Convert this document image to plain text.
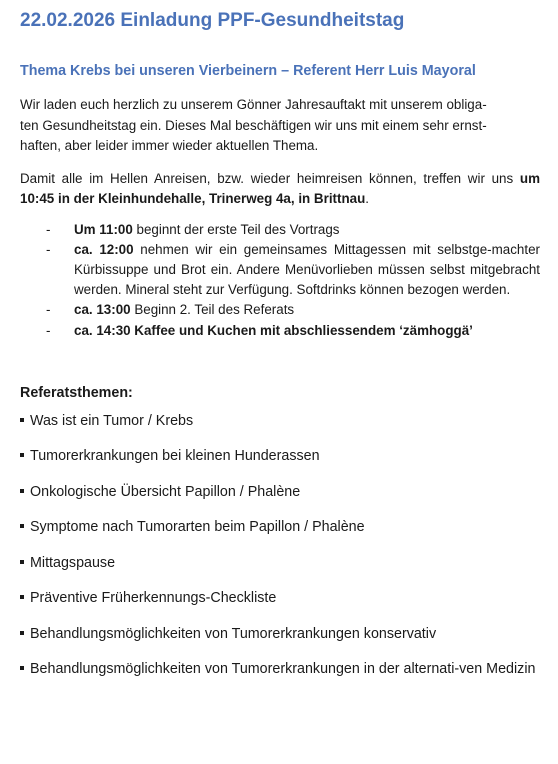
22.02.2026 Einladung PPF-Gesundheitstag
Thema Krebs bei unseren Vierbeinern – Referent Herr Luis Mayoral

Wir laden euch herzlich zu unserem Gönner Jahresauftakt mit unserem obliga-
ten Gesundheitstag ein. Dieses Mal beschäftigen wir uns mit einem sehr ernst-
haften, aber leider immer wieder aktuellen Thema.

Damit alle im Hellen Anreisen, bzw. wieder heimreisen können, treffen wir uns um 10:45 in der Kleinhundehalle, Trinerweg 4a, in Brittnau.

- Um 11:00 beginnt der erste Teil des Vortrags
- ca. 12:00 nehmen wir ein gemeinsames Mittagessen mit selbstge-machter Kürbissuppe und Brot ein. Andere Menüvorlieben müssen selbst mitgebracht werden. Mineral steht zur Verfügung. Softdrinks können bezogen werden.
- ca. 13:00 Beginn 2. Teil des Referats
- ca. 14:30 Kaffee und Kuchen mit abschliessendem ‘zämhoggä’
Referatsthemen:
Was ist ein Tumor / Krebs
Tumorerkrankungen bei kleinen Hunderassen
Onkologische Übersicht Papillon / Phalène
Symptome nach Tumorarten beim Papillon / Phalène
Mittagspause
Präventive Früherkennungs-Checkliste
Behandlungsmöglichkeiten von Tumorerkrankungen konservativ
Behandlungsmöglichkeiten von Tumorerkrankungen in der alternati-ven Medizin
